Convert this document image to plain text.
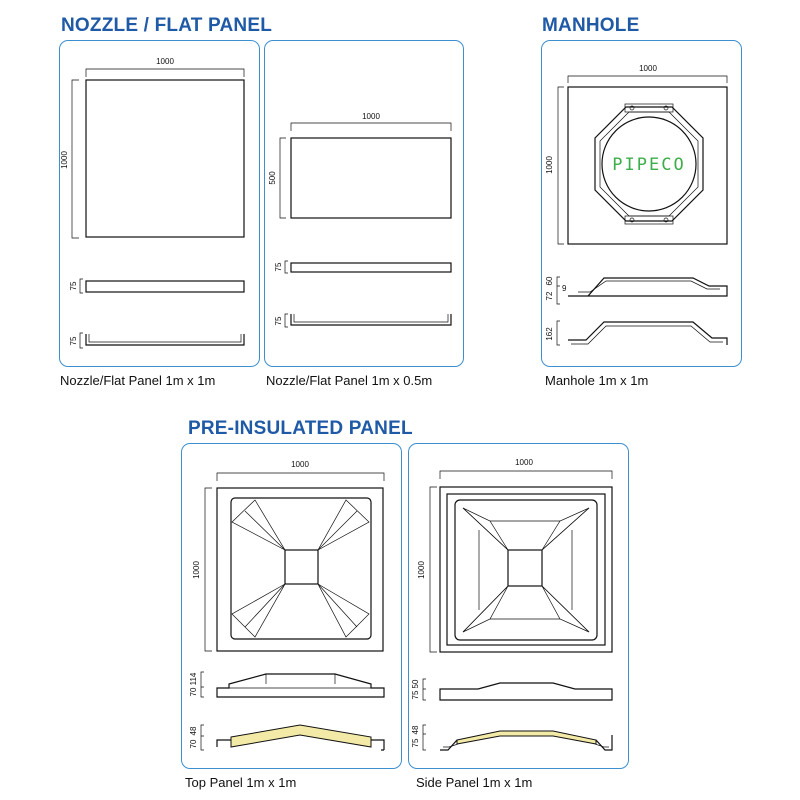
NOZZLE / FLAT PANEL	MANHOLE
PRE-INSULATED PANEL
Nozzle/Flat Panel 1m x 1m	Nozzle/Flat Panel 1m x 0.5m	Manhole 1m x 1m
Top Panel 1m x 1m	Side Panel 1m x 1m
1000
1000
75
75
1000
500
75
75
1000
1000	PIPECO
60
72
9
162
1000
1000
114
70
48
70
1000
1000
50
75
48
75
